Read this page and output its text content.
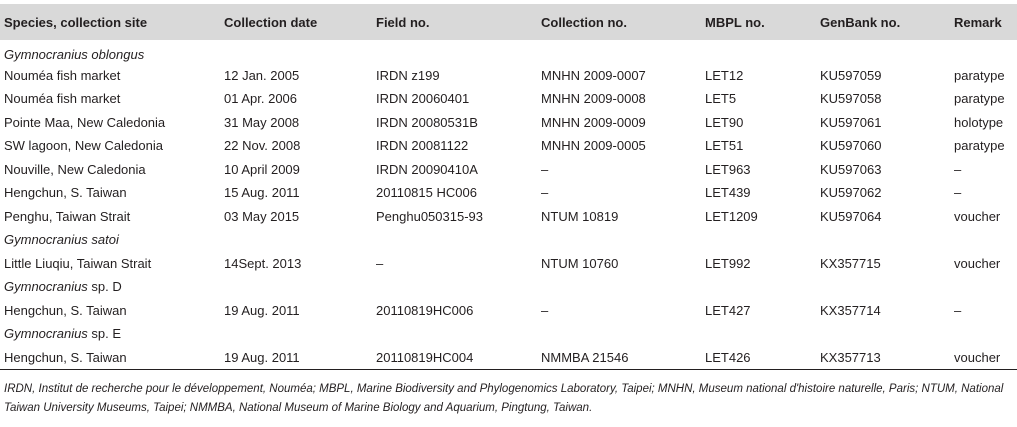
Species, collection site	Collection date	Field no.	Collection no.	MBPL no.	GenBank no.	Remark
Gymnocranius oblongus						
Nouméa fish market	12 Jan. 2005	IRDN z199	MNHN 2009-0007	LET12	KU597059	paratype
Nouméa fish market	01 Apr. 2006	IRDN 20060401	MNHN 2009-0008	LET5	KU597058	paratype
Pointe Maa, New Caledonia	31 May 2008	IRDN 20080531B	MNHN 2009-0009	LET90	KU597061	holotype
SW lagoon, New Caledonia	22 Nov. 2008	IRDN 20081122	MNHN 2009-0005	LET51	KU597060	paratype
Nouville, New Caledonia	10 April 2009	IRDN 20090410A	–	LET963	KU597063	–
Hengchun, S. Taiwan	15 Aug. 2011	20110815 HC006	–	LET439	KU597062	–
Penghu, Taiwan Strait	03 May 2015	Penghu050315-93	NTUM 10819	LET1209	KU597064	voucher
Gymnocranius satoi						
Little Liuqiu, Taiwan Strait	14Sept. 2013	–	NTUM 10760	LET992	KX357715	voucher
Gymnocranius sp. D						
Hengchun, S. Taiwan	19 Aug. 2011	20110819HC006	–	LET427	KX357714	–
Gymnocranius sp. E						
Hengchun, S. Taiwan	19 Aug. 2011	20110819HC004	NMMBA 21546	LET426	KX357713	voucher
IRDN, Institut de recherche pour le développement, Nouméa; MBPL, Marine Biodiversity and Phylogenomics Laboratory, Taipei; MNHN, Museum national d'histoire naturelle, Paris; NTUM, National Taiwan University Museums, Taipei; NMMBA, National Museum of Marine Biology and Aquarium, Pingtung, Taiwan.
